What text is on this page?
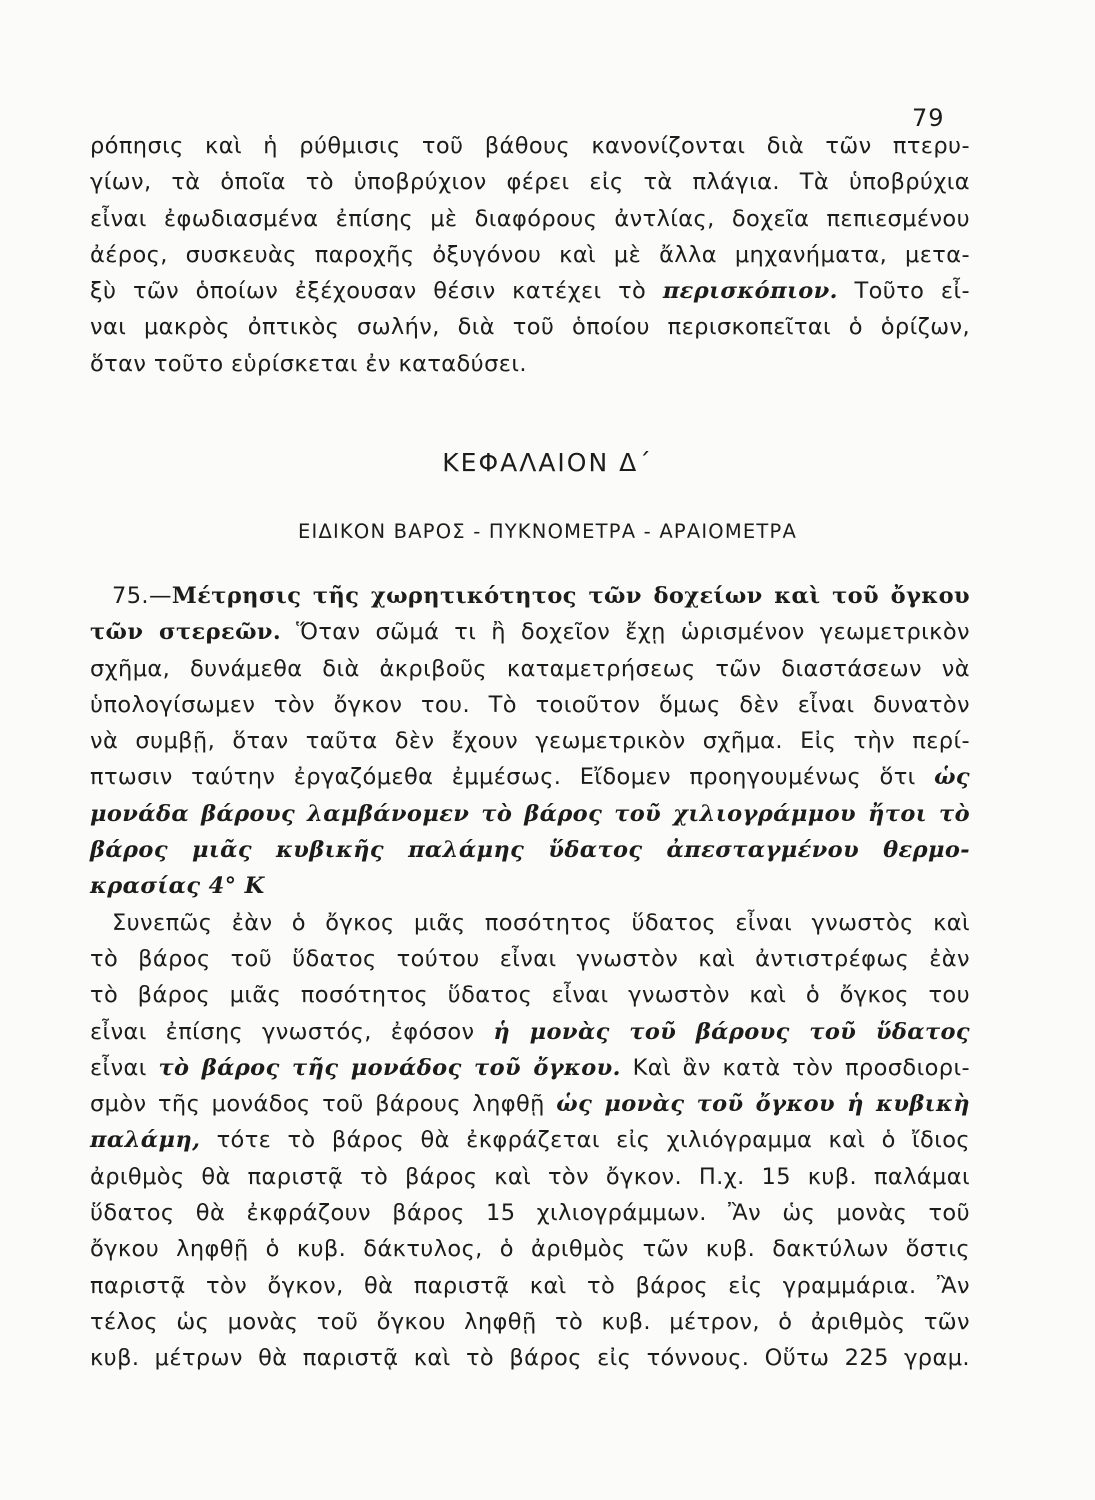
79
ρόπησις καὶ ἡ ρύθμισις τοῦ βάθους κανονίζονται διὰ τῶν πτερυ-
γίων, τὰ ὁποῖα τὸ ὑποβρύχιον φέρει εἰς τὰ πλάγια. Τὰ ὑποβρύχια
εἶναι ἐφωδιασμένα ἐπίσης μὲ διαφόρους ἀντλίας, δοχεῖα πεπιεσμένου
ἀέρος, συσκευὰς παροχῆς ὀξυγόνου καὶ μὲ ἄλλα μηχανήματα, μετα-
ξὺ τῶν ὁποίων ἐξέχουσαν θέσιν κατέχει τὸ περισκόπιον. Τοῦτο εἶ-
ναι μακρὸς ὀπτικὸς σωλήν, διὰ τοῦ ὁποίου περισκοπεῖται ὁ ὁρίζων,
ὅταν τοῦτο εὑρίσκεται ἐν καταδύσει.
ΚΕΦΑΛΑΙΟΝ Δ΄
ΕΙΔΙΚΟΝ ΒΑΡΟΣ - ΠΥΚΝΟΜΕΤΡΑ - ΑΡΑΙΟΜΕΤΡΑ
75.—Μέτρησις τῆς χωρητικότητος τῶν δοχείων καὶ τοῦ ὄγκου
τῶν στερεῶν. Ὅταν σῶμά τι ἢ δοχεῖον ἔχῃ ὡρισμένον γεωμετρικὸν
σχῆμα, δυνάμεθα διὰ ἀκριβοῦς καταμετρήσεως τῶν διαστάσεων νὰ
ὑπολογίσωμεν τὸν ὄγκον του. Τὸ τοιοῦτον ὅμως δὲν εἶναι δυνατὸν
νὰ συμβῇ, ὅταν ταῦτα δὲν ἔχουν γεωμετρικὸν σχῆμα. Εἰς τὴν περί-
πτωσιν ταύτην ἐργαζόμεθα ἐμμέσως. Εἴδομεν προηγουμένως ὅτι ὡς
μονάδα βάρους λαμβάνομεν τὸ βάρος τοῦ χιλιογράμμου ἤτοι τὸ
βάρος μιᾶς κυβικῆς παλάμης ὕδατος ἀπεσταγμένου θερμο-
κρασίας 4° Κ
Συνεπῶς ἐὰν ὁ ὄγκος μιᾶς ποσότητος ὕδατος εἶναι γνωστὸς καὶ
τὸ βάρος τοῦ ὕδατος τούτου εἶναι γνωστὸν καὶ ἀντιστρέφως ἐὰν
τὸ βάρος μιᾶς ποσότητος ὕδατος εἶναι γνωστὸν καὶ ὁ ὄγκος του
εἶναι ἐπίσης γνωστός, ἐφόσον ἡ μονὰς τοῦ βάρους τοῦ ὕδατος
εἶναι τὸ βάρος τῆς μονάδος τοῦ ὄγκου. Καὶ ἂν κατὰ τὸν προσδιορι-
σμὸν τῆς μονάδος τοῦ βάρους ληφθῇ ὡς μονὰς τοῦ ὄγκου ἡ κυβικὴ
παλάμη, τότε τὸ βάρος θὰ ἐκφράζεται εἰς χιλιόγραμμα καὶ ὁ ἴδιος
ἀριθμὸς θὰ παριστᾷ τὸ βάρος καὶ τὸν ὄγκον. Π.χ. 15 κυβ. παλάμαι
ὕδατος θὰ ἐκφράζουν βάρος 15 χιλιογράμμων. Ἂν ὡς μονὰς τοῦ
ὄγκου ληφθῇ ὁ κυβ. δάκτυλος, ὁ ἀριθμὸς τῶν κυβ. δακτύλων ὅστις
παριστᾷ τὸν ὄγκον, θὰ παριστᾷ καὶ τὸ βάρος εἰς γραμμάρια. Ἂν
τέλος ὡς μονὰς τοῦ ὄγκου ληφθῇ τὸ κυβ. μέτρον, ὁ ἀριθμὸς τῶν
κυβ. μέτρων θὰ παριστᾷ καὶ τὸ βάρος εἰς τόννους. Οὕτω 225 γραμ.
